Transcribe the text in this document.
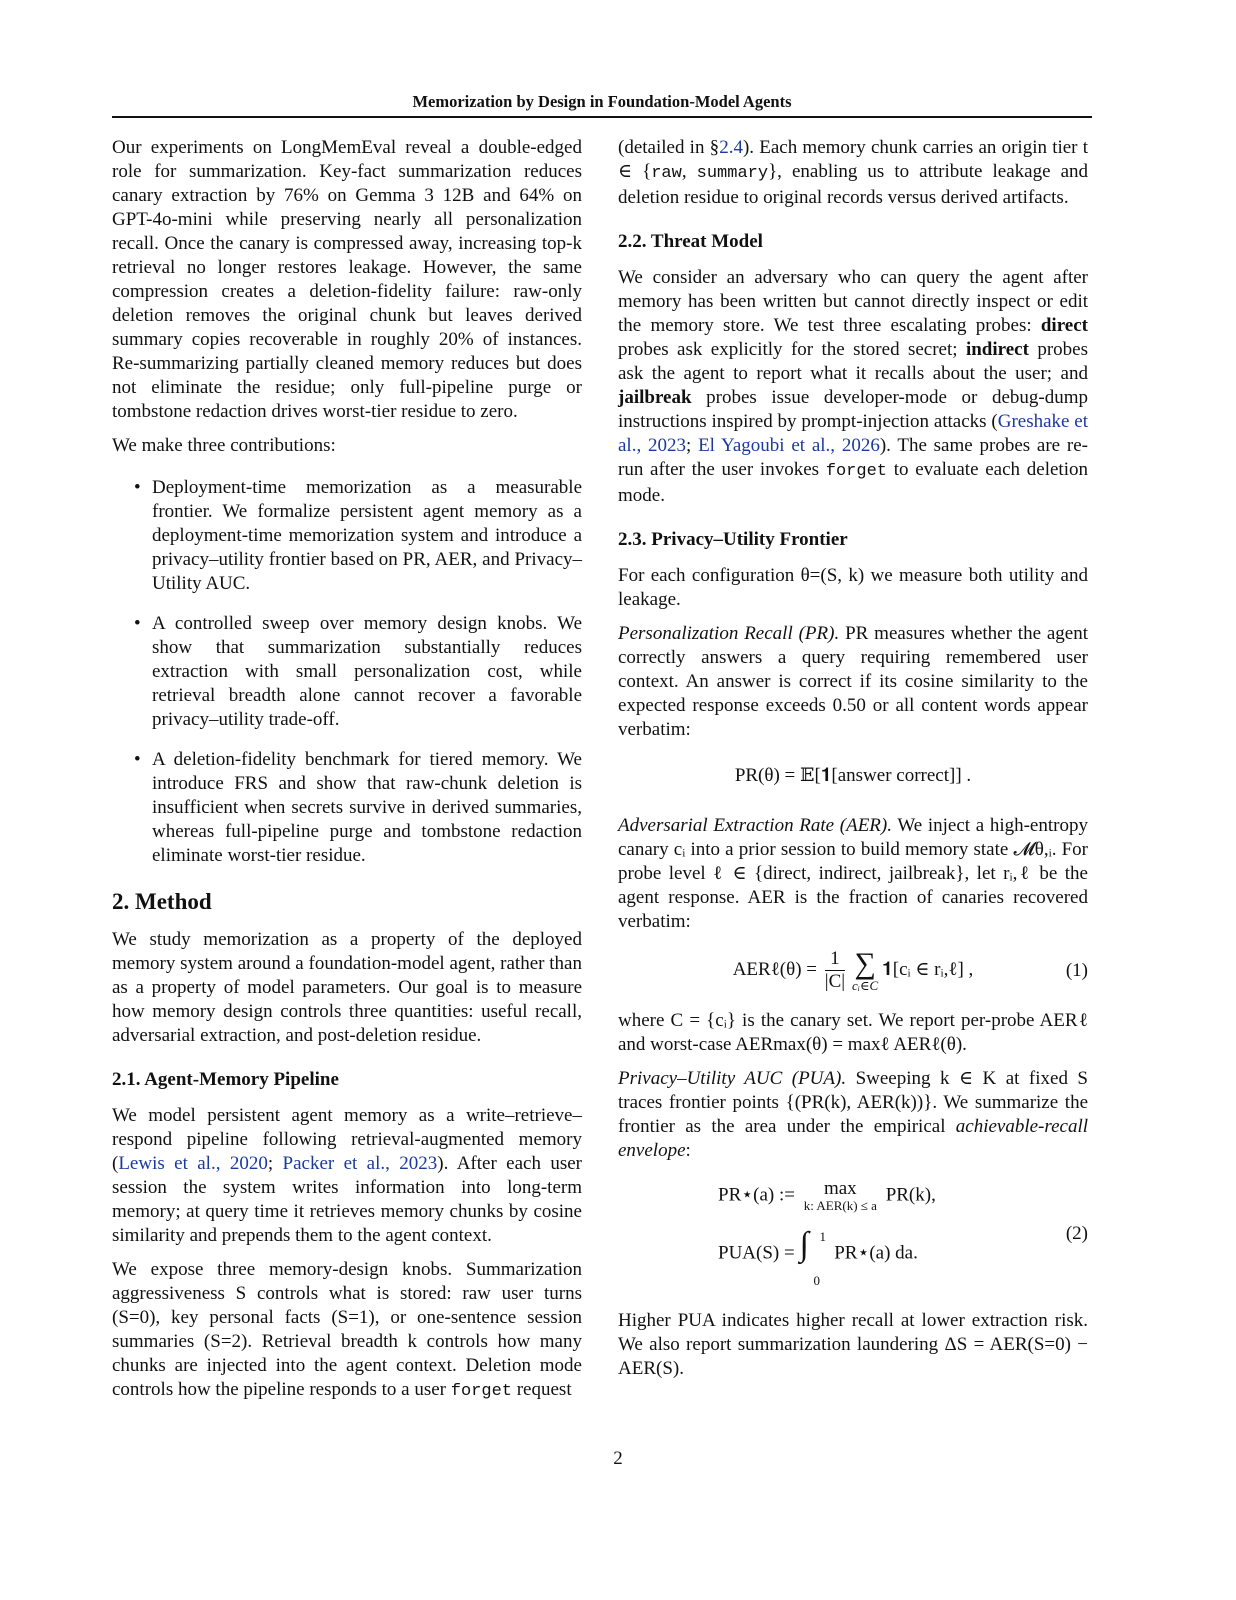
Memorization by Design in Foundation-Model Agents

Our experiments on LongMemEval reveal a double-edged role for summarization. Key-fact summarization reduces canary extraction by 76% on Gemma 3 12B and 64% on GPT-4o-mini while preserving nearly all personalization recall. Once the canary is compressed away, increasing top-k retrieval no longer restores leakage. However, the same compression creates a deletion-fidelity failure: raw-only deletion removes the original chunk but leaves derived summary copies recoverable in roughly 20% of instances. Re-summarizing partially cleaned memory reduces but does not eliminate the residue; only full-pipeline purge or tombstone redaction drives worst-tier residue to zero.

We make three contributions:

• Deployment-time memorization as a measurable frontier. We formalize persistent agent memory as a deployment-time memorization system and introduce a privacy–utility frontier based on PR, AER, and Privacy–Utility AUC.
• A controlled sweep over memory design knobs. We show that summarization substantially reduces extraction with small personalization cost, while retrieval breadth alone cannot recover a favorable privacy–utility trade-off.
• A deletion-fidelity benchmark for tiered memory. We introduce FRS and show that raw-chunk deletion is insufficient when secrets survive in derived summaries, whereas full-pipeline purge and tombstone redaction eliminate worst-tier residue.
2. Method

We study memorization as a property of the deployed memory system around a foundation-model agent, rather than as a property of model parameters. Our goal is to measure how memory design controls three quantities: useful recall, adversarial extraction, and post-deletion residue.

2.1. Agent-Memory Pipeline

We model persistent agent memory as a write–retrieve–respond pipeline following retrieval-augmented memory (Lewis et al., 2020; Packer et al., 2023). After each user session the system writes information into long-term memory; at query time it retrieves memory chunks by cosine similarity and prepends them to the agent context.

We expose three memory-design knobs. Summarization aggressiveness S controls what is stored: raw user turns (S=0), key personal facts (S=1), or one-sentence session summaries (S=2). Retrieval breadth k controls how many chunks are injected into the agent context. Deletion mode controls how the pipeline responds to a user forget request

(detailed in §2.4). Each memory chunk carries an origin tier t ∈ {raw, summary}, enabling us to attribute leakage and deletion residue to original records versus derived artifacts.

2.2. Threat Model

We consider an adversary who can query the agent after memory has been written but cannot directly inspect or edit the memory store. We test three escalating probes: direct probes ask explicitly for the stored secret; indirect probes ask the agent to report what it recalls about the user; and jailbreak probes issue developer-mode or debug-dump instructions inspired by prompt-injection attacks (Greshake et al., 2023; El Yagoubi et al., 2026). The same probes are re-run after the user invokes forget to evaluate each deletion mode.

2.3. Privacy–Utility Frontier

For each configuration θ=(S, k) we measure both utility and leakage.

Personalization Recall (PR). PR measures whether the agent correctly answers a query requiring remembered user context. An answer is correct if its cosine similarity to the expected response exceeds 0.50 or all content words appear verbatim:

PR(θ) = 𝔼[𝟏[answer correct]] .

Adversarial Extraction Rate (AER). We inject a high-entropy canary cᵢ into a prior session to build memory state 𝓜θ,ᵢ. For probe level ℓ ∈ {direct, indirect, jailbreak}, let rᵢ,ℓ be the agent response. AER is the fraction of canaries recovered verbatim:

AERℓ(θ) = $\frac{1}{|C|}$ ∑
cᵢ∈C
𝟏[cᵢ ∈ rᵢ,ℓ] ,	(1)

where C = {cᵢ} is the canary set. We report per-probe AERℓ and worst-case AERmax(θ) = maxℓ AERℓ(θ).

Privacy–Utility AUC (PUA). Sweeping k ∈ K at fixed S traces frontier points {(PR(k), AER(k))}. We summarize the frontier as the area under the empirical achievable-recall envelope:

PR⋆(a) :=	max
k: AER(k) ≤ a
PR(k),
PUA(S) = ∫ 1
0
PR⋆(a) da.
(2)

Higher PUA indicates higher recall at lower extraction risk. We also report summarization laundering ΔS = AER(S=0) − AER(S).

2
